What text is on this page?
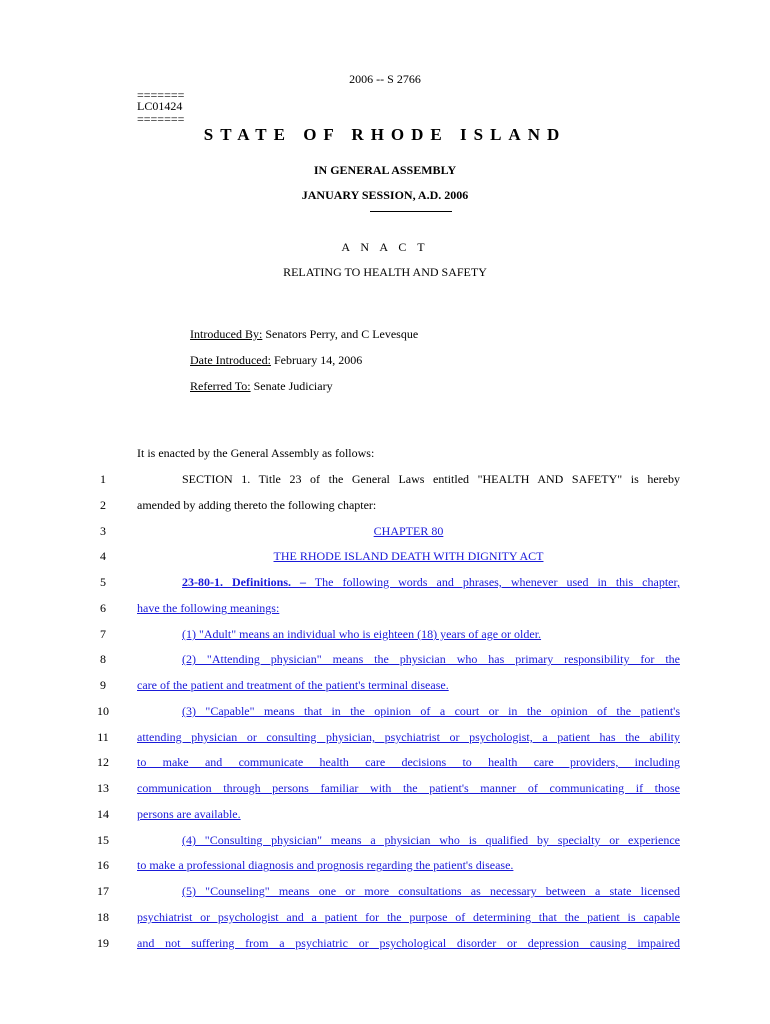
2006 -- S 2766
=======
LC01424
=======
STATE OF RHODE ISLAND
IN GENERAL ASSEMBLY
JANUARY SESSION, A.D. 2006
A N A C T
RELATING TO HEALTH AND SAFETY
Introduced By: Senators Perry, and C Levesque
Date Introduced: February 14, 2006
Referred To: Senate Judiciary
It is enacted by the General Assembly as follows:
1	SECTION 1. Title 23 of the General Laws entitled "HEALTH AND SAFETY" is hereby
2	amended by adding thereto the following chapter:
3	CHAPTER 80
4	THE RHODE ISLAND DEATH WITH DIGNITY ACT
5	23-80-1. Definitions. – The following words and phrases, whenever used in this chapter,
6	have the following meanings:
7	(1) "Adult" means an individual who is eighteen (18) years of age or older.
8	(2) "Attending physician" means the physician who has primary responsibility for the
9	care of the patient and treatment of the patient's terminal disease.
10	(3) "Capable" means that in the opinion of a court or in the opinion of the patient's
11	attending physician or consulting physician, psychiatrist or psychologist, a patient has the ability
12	to make and communicate health care decisions to health care providers, including
13	communication through persons familiar with the patient's manner of communicating if those
14	persons are available.
15	(4) "Consulting physician" means a physician who is qualified by specialty or experience
16	to make a professional diagnosis and prognosis regarding the patient's disease.
17	(5) "Counseling" means one or more consultations as necessary between a state licensed
18	psychiatrist or psychologist and a patient for the purpose of determining that the patient is capable
19	and not suffering from a psychiatric or psychological disorder or depression causing impaired
